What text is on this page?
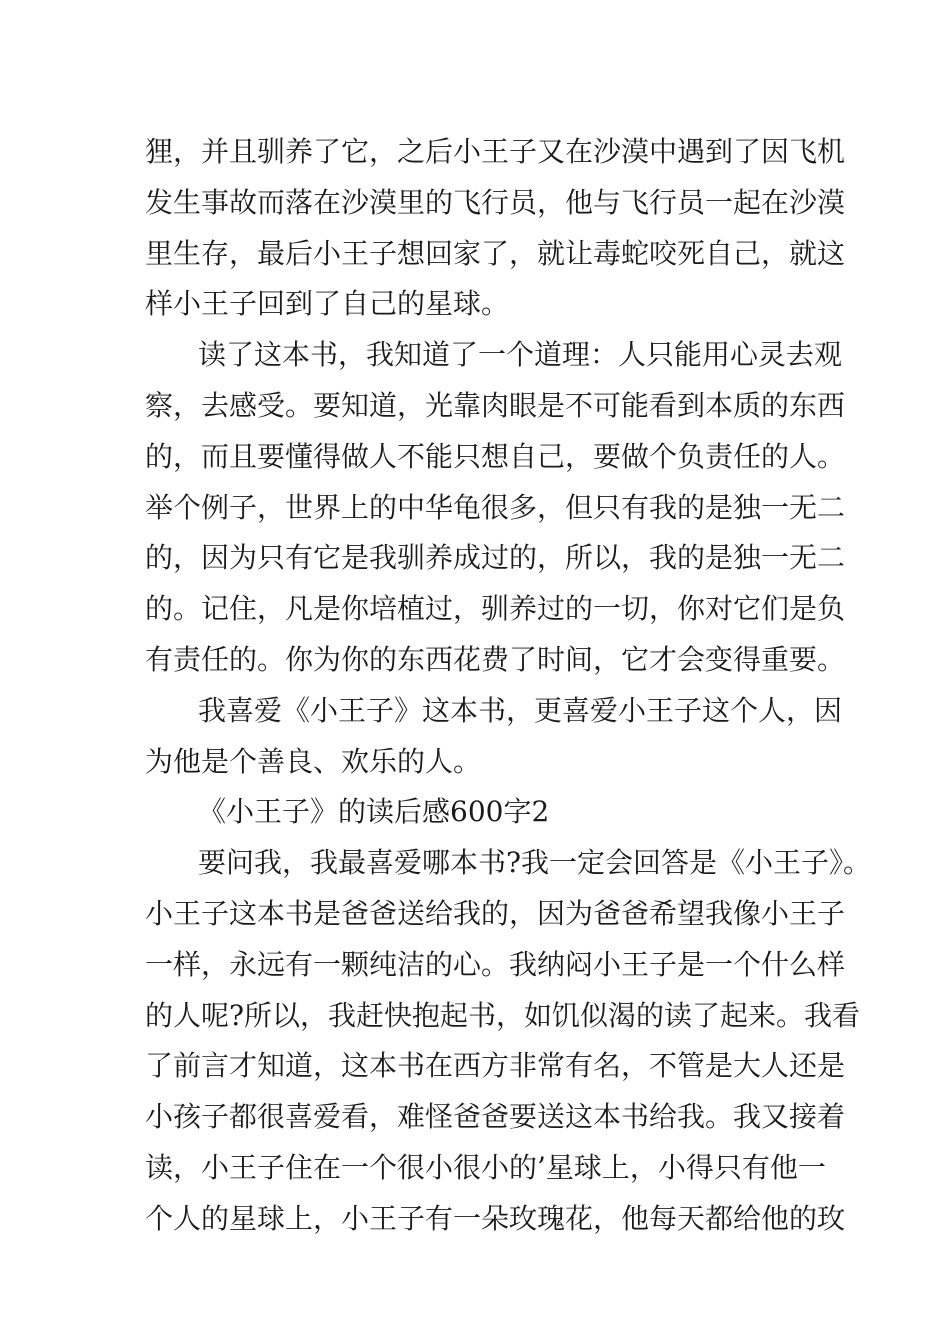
狸，并且驯养了它，之后小王子又在沙漠中遇到了因飞机
发生事故而落在沙漠里的飞行员，他与飞行员一起在沙漠
里生存，最后小王子想回家了，就让毒蛇咬死自己，就这
样小王子回到了自己的星球。
读了这本书，我知道了一个道理：人只能用心灵去观
察，去感受。要知道，光靠肉眼是不可能看到本质的东西
的，而且要懂得做人不能只想自己，要做个负责任的人。
举个例子，世界上的中华龟很多，但只有我的是独一无二
的，因为只有它是我驯养成过的，所以，我的是独一无二
的。记住，凡是你培植过，驯养过的一切，你对它们是负
有责任的。你为你的东西花费了时间，它才会变得重要。
我喜爱《小王子》这本书，更喜爱小王子这个人，因
为他是个善良、欢乐的人。
《小王子》的读后感600字2
要问我，我最喜爱哪本书?我一定会回答是《小王子》。
小王子这本书是爸爸送给我的，因为爸爸希望我像小王子
一样，永远有一颗纯洁的心。我纳闷小王子是一个什么样
的人呢?所以，我赶快抱起书，如饥似渴的读了起来。我看
了前言才知道，这本书在西方非常有名，不管是大人还是
小孩子都很喜爱看，难怪爸爸要送这本书给我。我又接着
读，小王子住在一个很小很小的’星球上，小得只有他一
个人的星球上，小王子有一朵玫瑰花，他每天都给他的玫
